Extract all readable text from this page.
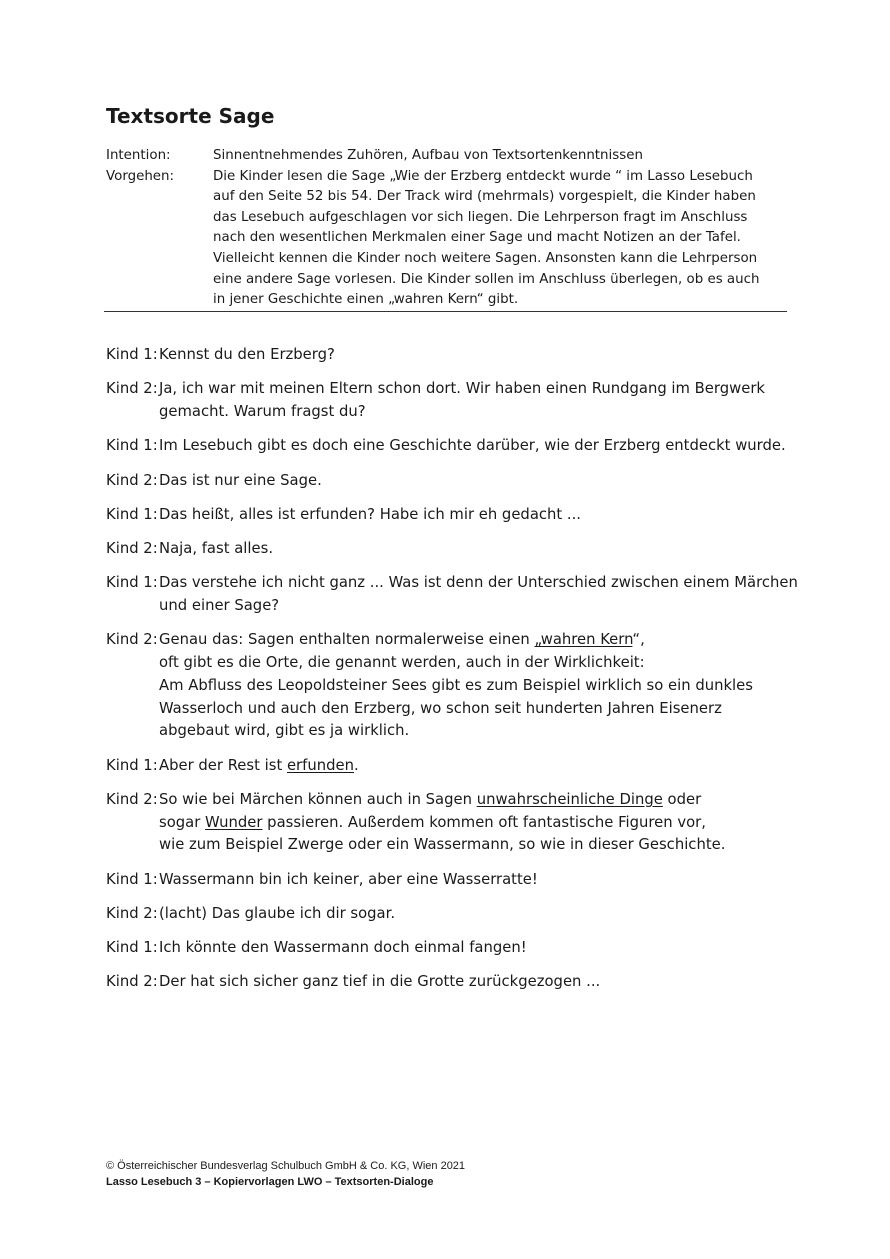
Textsorte Sage
Intention:	Sinnentnehmendes Zuhören, Aufbau von Textsortenkenntnissen
Vorgehen:	Die Kinder lesen die Sage „Wie der Erzberg entdeckt wurde “ im Lasso Lesebuch
auf den Seite 52 bis 54. Der Track wird (mehrmals) vorgespielt, die Kinder haben
das Lesebuch aufgeschlagen vor sich liegen. Die Lehrperson fragt im Anschluss
nach den wesentlichen Merkmalen einer Sage und macht Notizen an der Tafel.
Vielleicht kennen die Kinder noch weitere Sagen. Ansonsten kann die Lehrperson
eine andere Sage vorlesen. Die Kinder sollen im Anschluss überlegen, ob es auch
in jener Geschichte einen „wahren Kern“ gibt.
Kind 1: Kennst du den Erzberg?
Kind 2: Ja, ich war mit meinen Eltern schon dort. Wir haben einen Rundgang im Bergwerk
gemacht. Warum fragst du?
Kind 1: Im Lesebuch gibt es doch eine Geschichte darüber, wie der Erzberg entdeckt wurde.
Kind 2: Das ist nur eine Sage.
Kind 1: Das heißt, alles ist erfunden? Habe ich mir eh gedacht ...
Kind 2: Naja, fast alles.
Kind 1: Das verstehe ich nicht ganz ... Was ist denn der Unterschied zwischen einem Märchen
und einer Sage?
Kind 2: Genau das: Sagen enthalten normalerweise einen „wahren Kern“,
oft gibt es die Orte, die genannt werden, auch in der Wirklichkeit:
Am Abfluss des Leopoldsteiner Sees gibt es zum Beispiel wirklich so ein dunkles
Wasserloch und auch den Erzberg, wo schon seit hunderten Jahren Eisenerz
abgebaut wird, gibt es ja wirklich.
Kind 1: Aber der Rest ist erfunden.
Kind 2: So wie bei Märchen können auch in Sagen unwahrscheinliche Dinge oder
sogar Wunder passieren. Außerdem kommen oft fantastische Figuren vor,
wie zum Beispiel Zwerge oder ein Wassermann, so wie in dieser Geschichte.
Kind 1: Wassermann bin ich keiner, aber eine Wasserratte!
Kind 2: (lacht) Das glaube ich dir sogar.
Kind 1: Ich könnte den Wassermann doch einmal fangen!
Kind 2: Der hat sich sicher ganz tief in die Grotte zurückgezogen ...
© Österreichischer Bundesverlag Schulbuch GmbH & Co. KG, Wien 2021
Lasso Lesebuch 3 – Kopiervorlagen LWO – Textsorten-Dialoge
